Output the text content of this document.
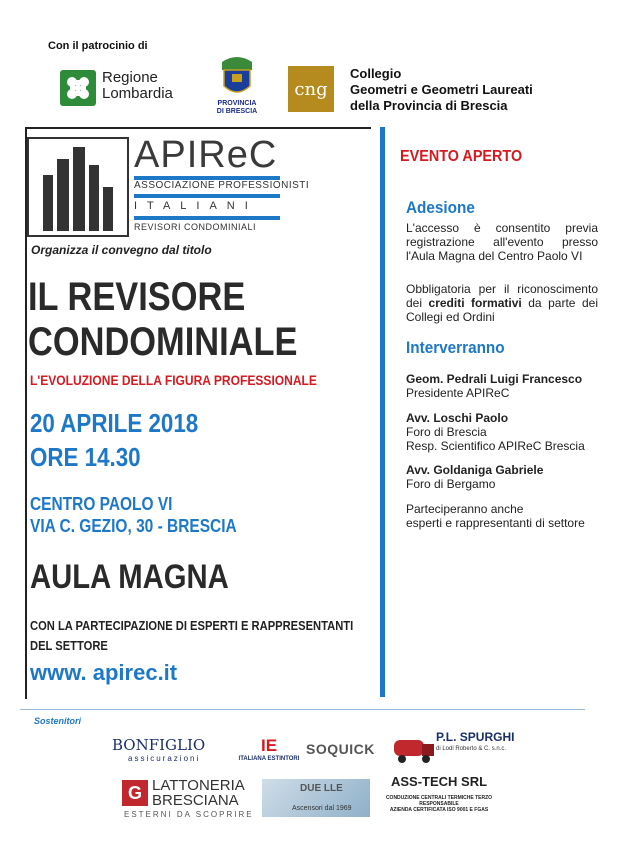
Con il patrocinio di
Regione
Lombardia
PROVINCIA
DI BRESCIA
cng
Collegio
Geometri e Geometri Laureati
della Provincia di Brescia
APIReC
ASSOCIAZIONE PROFESSIONISTI
ITALIANI
REVISORI CONDOMINIALI
Organizza il convegno dal titolo
IL REVISORE
CONDOMINIALE
L'EVOLUZIONE DELLA FIGURA PROFESSIONALE
20 APRILE 2018
ORE 14.30
CENTRO PAOLO VI
VIA C. GEZIO, 30 - BRESCIA
AULA MAGNA
CON LA PARTECIPAZIONE DI ESPERTI E RAPPRESENTANTI
DEL SETTORE
www. apirec.it
EVENTO APERTO
Adesione
L'accesso è consentito previa registrazione all'evento presso l'Aula Magna del Centro Paolo VI
Obbligatoria per il riconoscimento dei crediti formativi da parte dei Collegi ed Ordini
Interverranno
Geom. Pedrali Luigi Francesco
Presidente APIReC
Avv. Loschi Paolo
Foro di Brescia
Resp. Scientifico APIReC Brescia
Avv. Goldaniga Gabriele
Foro di Bergamo
Parteciperanno anche
esperti e rappresentanti di settore
Sostenitori
BONFIGLIO
assicurazioni
IE
ITALIANA ESTINTORI
SOQUICK
P.L. SPURGHI
di Lodi Roberto & C. s.n.c.
G LATTONERIA
BRESCIANA
ESTERNI DA SCOPRIRE
DUE LLE
Ascensori dal 1969
ASS-TECH SRL
CONDUZIONE CENTRALI TERMICHE TERZO RESPONSABILE
AZIENDA CERTIFICATA ISO 9001 E FGAS
